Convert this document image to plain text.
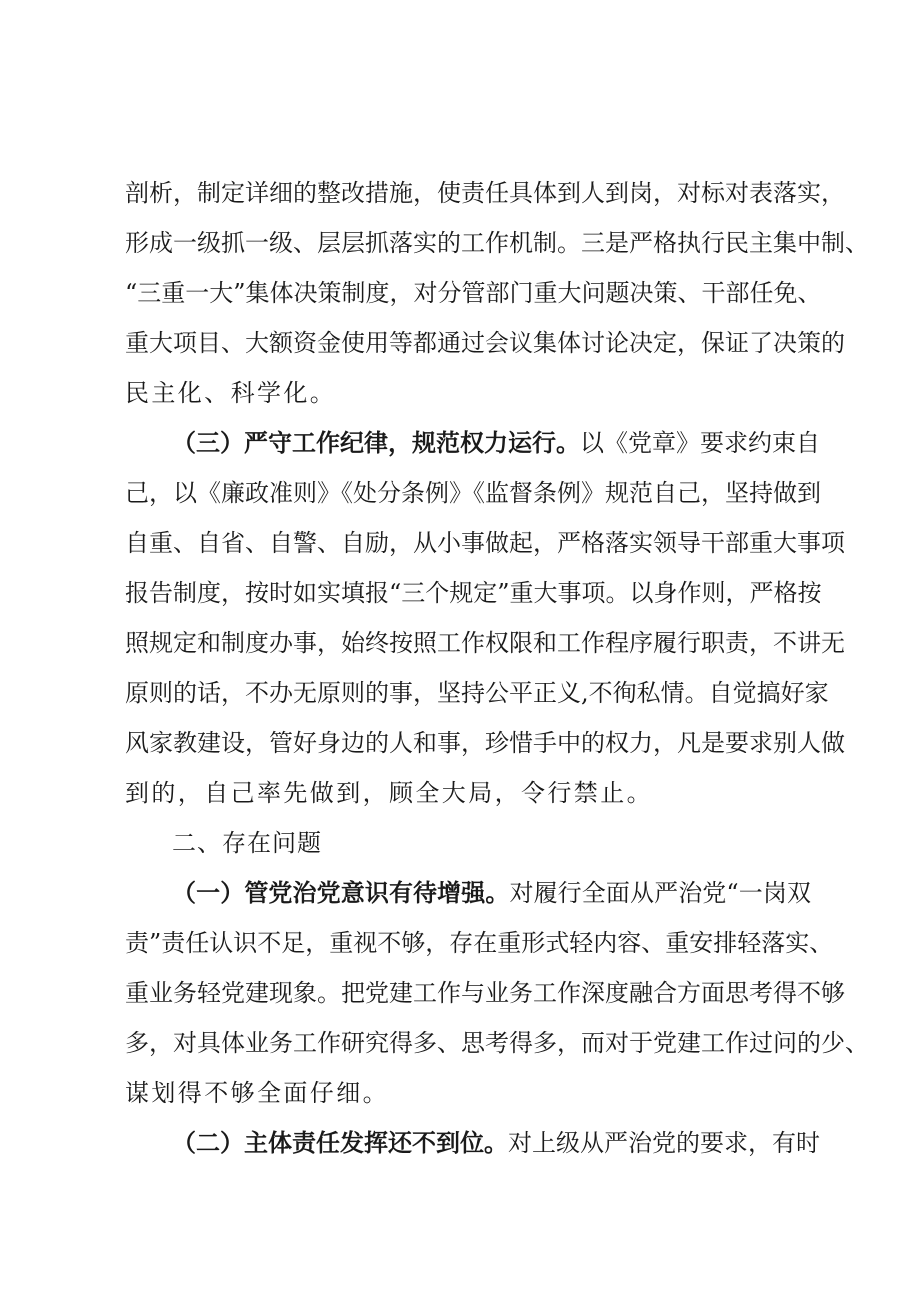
剖析，制定详细的整改措施，使责任具体到人到岗，对标对表落实，
形成一级抓一级、层层抓落实的工作机制。三是严格执行民主集中制、
“三重一大”集体决策制度，对分管部门重大问题决策、干部任免、
重大项目、大额资金使用等都通过会议集体讨论决定，保证了决策的
民主化、科学化。
（三）严守工作纪律，规范权力运行。以《党章》要求约束自
己，以《廉政准则》《处分条例》《监督条例》规范自己，坚持做到
自重、自省、自警、自励，从小事做起，严格落实领导干部重大事项
报告制度，按时如实填报“三个规定”重大事项。以身作则，严格按
照规定和制度办事，始终按照工作权限和工作程序履行职责，不讲无
原则的话，不办无原则的事，坚持公平正义,不徇私情。自觉搞好家
风家教建设，管好身边的人和事，珍惜手中的权力，凡是要求别人做
到的，自己率先做到，顾全大局，令行禁止。
二、存在问题
（一）管党治党意识有待增强。对履行全面从严治党“一岗双
责”责任认识不足，重视不够，存在重形式轻内容、重安排轻落实、
重业务轻党建现象。把党建工作与业务工作深度融合方面思考得不够
多，对具体业务工作研究得多、思考得多，而对于党建工作过问的少、
谋划得不够全面仔细。
（二）主体责任发挥还不到位。对上级从严治党的要求，有时
